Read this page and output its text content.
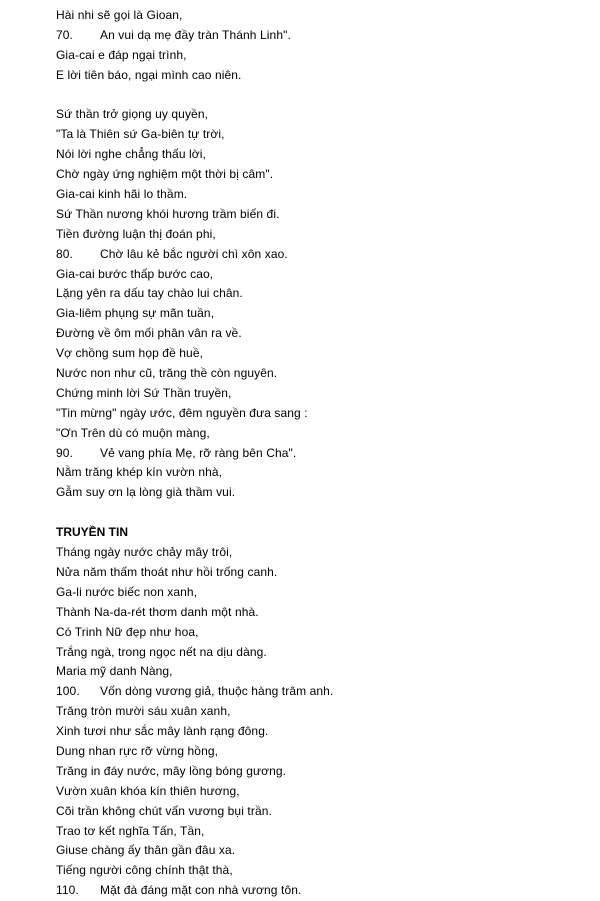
Hài nhi sẽ gọi là Gioan,
70. An vui dạ mẹ đầy tràn Thánh Linh".
Gia-cai e đáp ngại trình,
E lời tiên báo, ngại mình cao niên.
Sứ thần trở giọng uy quyền,
"Ta là Thiên sứ Ga-biên tự trời,
Nói lời nghe chẳng thấu lời,
Chờ ngày ứng nghiệm một thời bị câm".
Gia-cai kinh hãi lo thầm.
Sứ Thần nương khói hương trầm biến đi.
Tiền đường luận thị đoán phi,
80. Chờ lâu kẻ bắc người chì xôn xao.
Gia-cai bước thấp bước cao,
Lặng yên ra dấu tay chào lui chân.
Gia-liêm phụng sự mãn tuần,
Đường về ôm mối phân vân ra về.
Vợ chồng sum họp đề huề,
Nước non như cũ, trăng thề còn nguyên.
Chứng minh lời Sứ Thần truyền,
"Tin mừng" ngày ước, đêm nguyền đưa sang :
"Ơn Trên dù có muộn màng,
90. Vẻ vang phía Mẹ, rỡ ràng bên Cha".
Nằm trăng khép kín vườn nhà,
Gẫm suy ơn lạ lòng già thầm vui.
TRUYỀN TIN
Tháng ngày nước chảy mây trôi,
Nửa năm thấm thoát như hồi trống canh.
Ga-li nước biếc non xanh,
Thành Na-da-rét thơm danh một nhà.
Có Trinh Nữ đẹp như hoa,
Trắng ngà, trong ngọc nết na dịu dàng.
Maria mỹ danh Nàng,
100. Vốn dòng vương giả, thuộc hàng trâm anh.
Trăng tròn mười sáu xuân xanh,
Xinh tươi như sắc mây lành rạng đông.
Dung nhan rực rỡ vừng hồng,
Trăng in đáy nước, mây lồng bóng gương.
Vườn xuân khóa kín thiên hương,
Cõi trần không chút vấn vương bụi trần.
Trao tơ kết nghĩa Tấn, Tần,
Giuse chàng ấy thân gần đâu xa.
Tiếng người công chính thật thà,
110. Mặt đà đáng mặt con nhà vương tôn.
